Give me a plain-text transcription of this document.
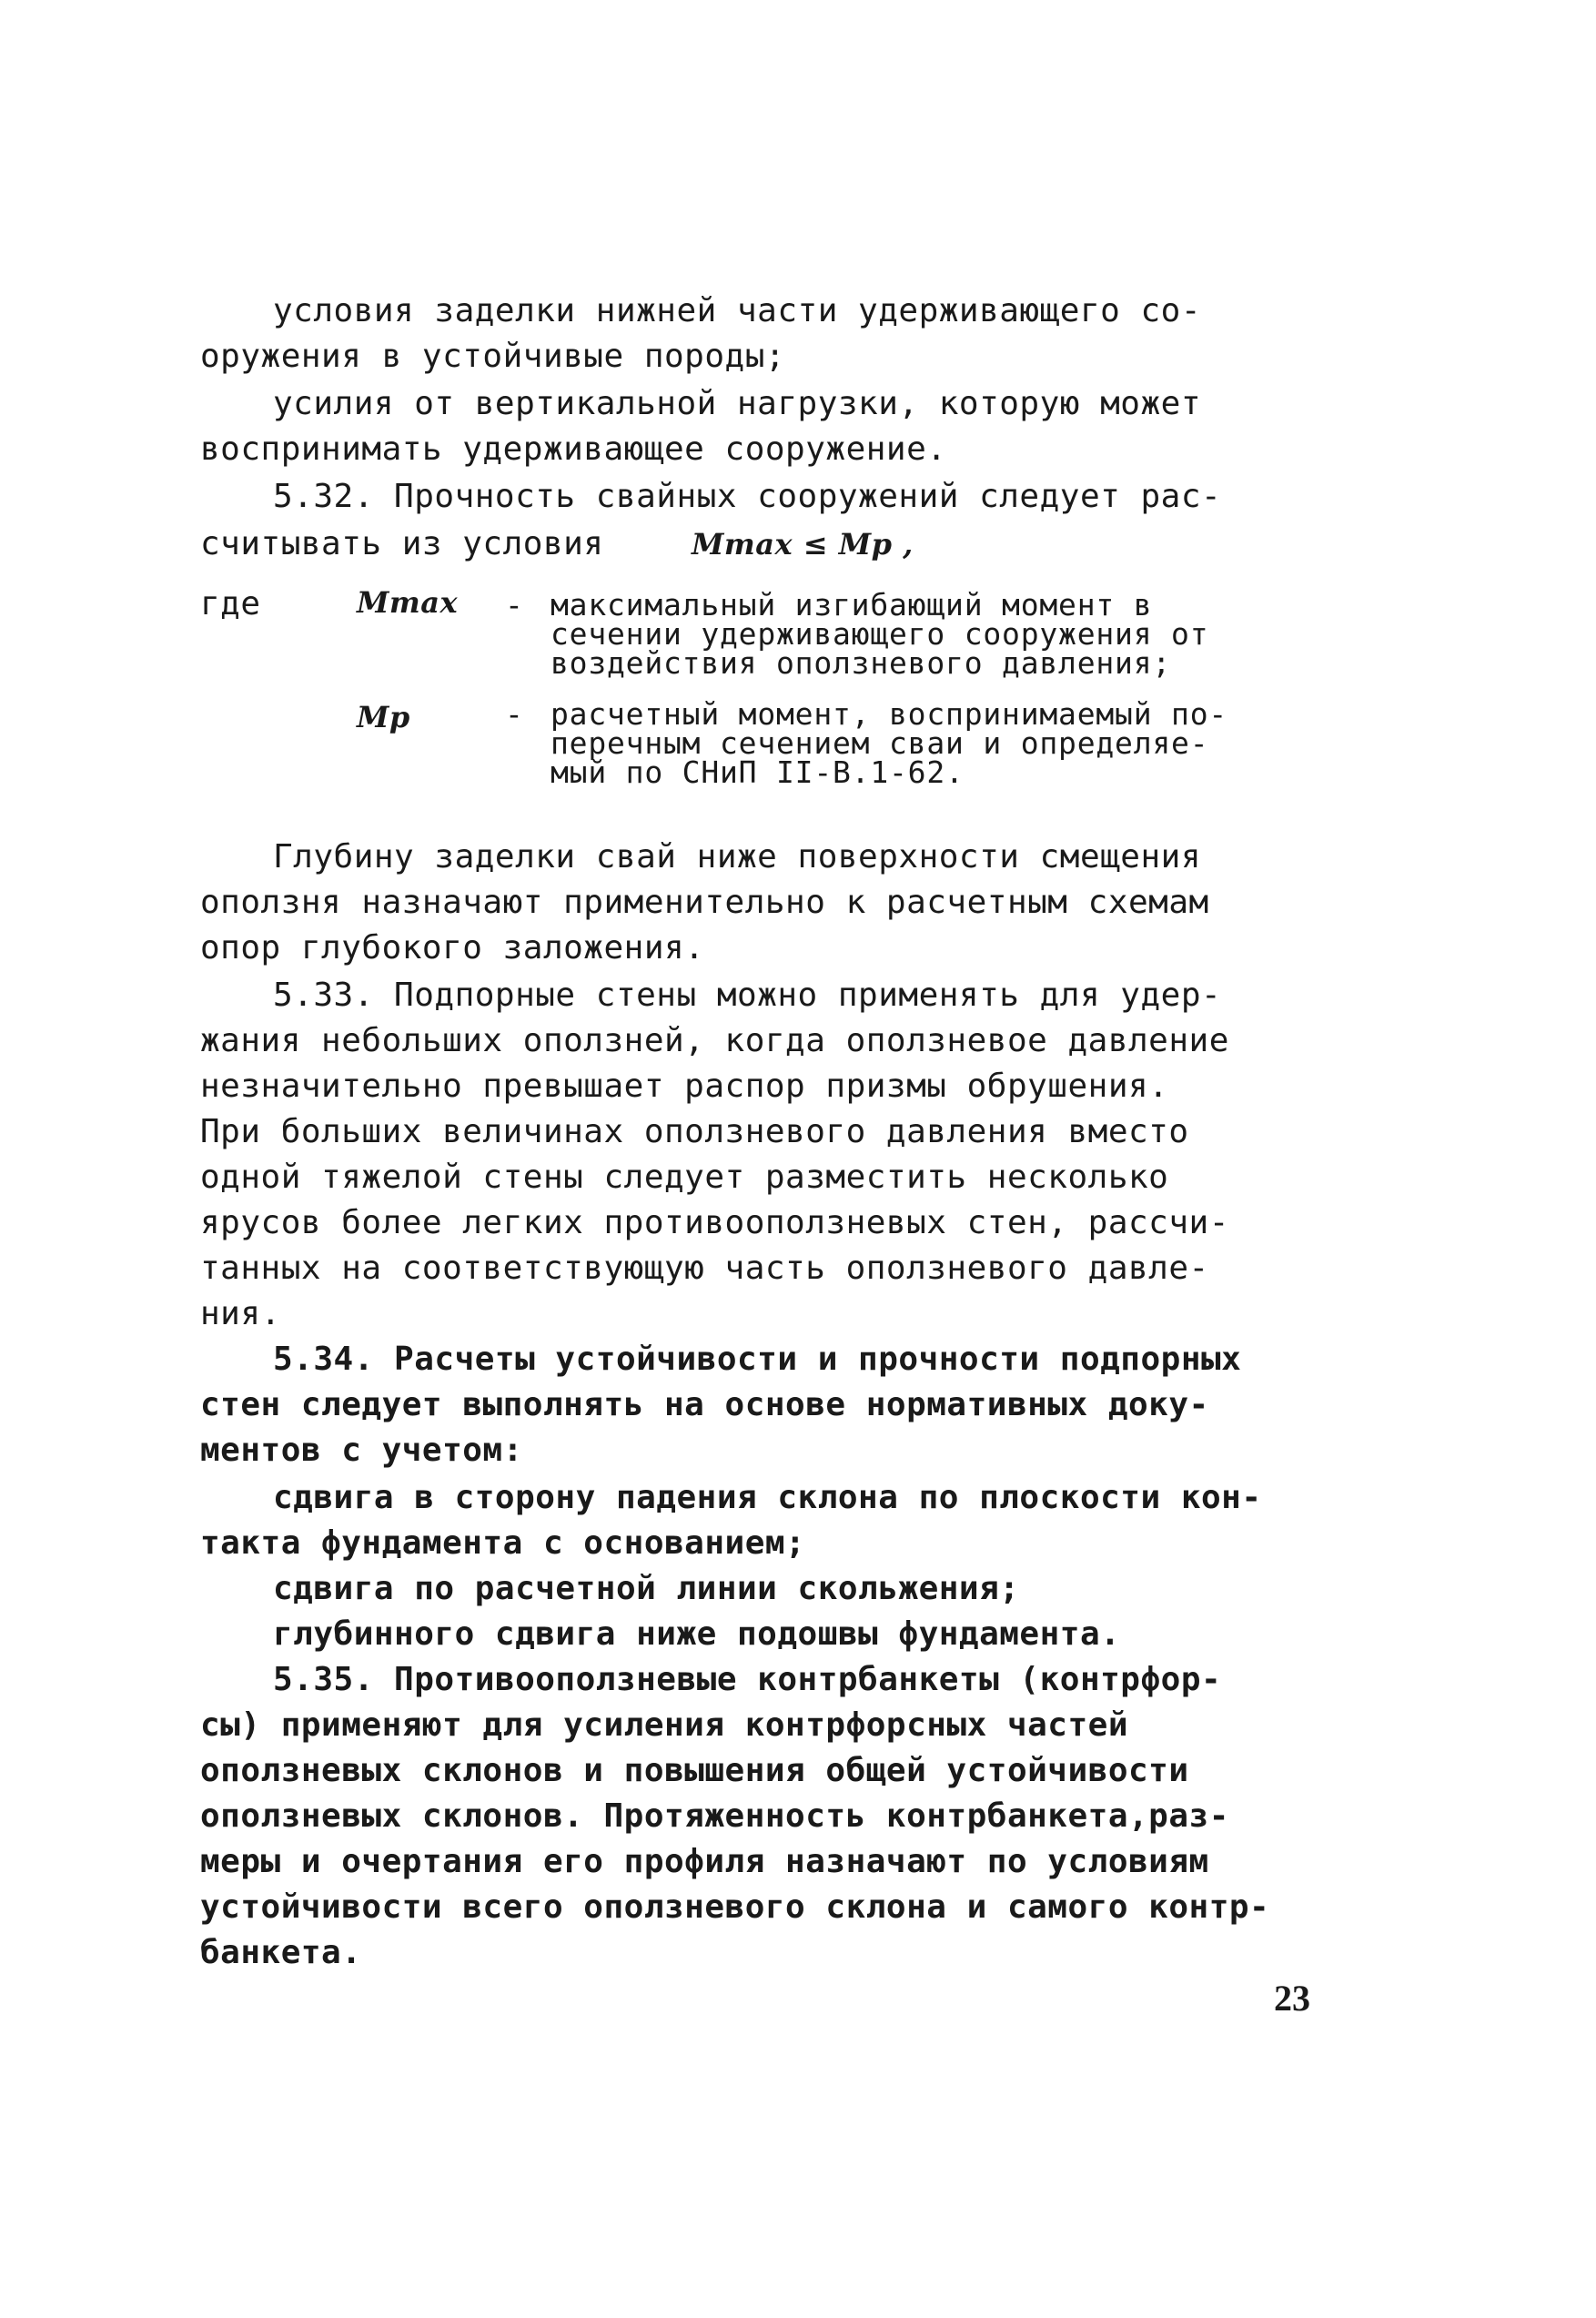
условия заделки нижней части удерживающего со-
оружения в устойчивые породы;
усилия от вертикальной нагрузки, которую может
воспринимать удерживающее сооружение.
5.32. Прочность свайных сооружений следует рас-
считывать из условия	Mmax ≤ Mp ,
где	Mmax - максимальный изгибающий момент в
сечении удерживающего сооружения от
воздействия оползневого давления;
Mp	- расчетный момент, воспринимаемый по-
перечным сечением сваи и определяе-
мый по СНиП II-В.1-62.
Глубину заделки свай ниже поверхности смещения
оползня назначают применительно к расчетным схемам
опор глубокого заложения.
5.33. Подпорные стены можно применять для удер-
жания небольших оползней, когда оползневое давление
незначительно превышает распор призмы обрушения.
При больших величинах оползневого давления вместо
одной тяжелой стены следует разместить несколько
ярусов более легких противооползневых стен, рассчи-
танных на соответствующую часть оползневого давле-
ния.
5.34. Расчеты устойчивости и прочности подпорных
стен следует выполнять на основе нормативных доку-
ментов с учетом:
сдвига в сторону падения склона по плоскости кон-
такта фундамента с основанием;
сдвига по расчетной линии скольжения;
глубинного сдвига ниже подошвы фундамента.
5.35. Противооползневые контрбанкеты (контрфор-
сы) применяют для усиления контрфорсных частей
оползневых склонов и повышения общей устойчивости
оползневых склонов. Протяженность контрбанкета,раз-
меры и очертания его профиля назначают по условиям
устойчивости всего оползневого склона и самого контр-
банкета.
23
